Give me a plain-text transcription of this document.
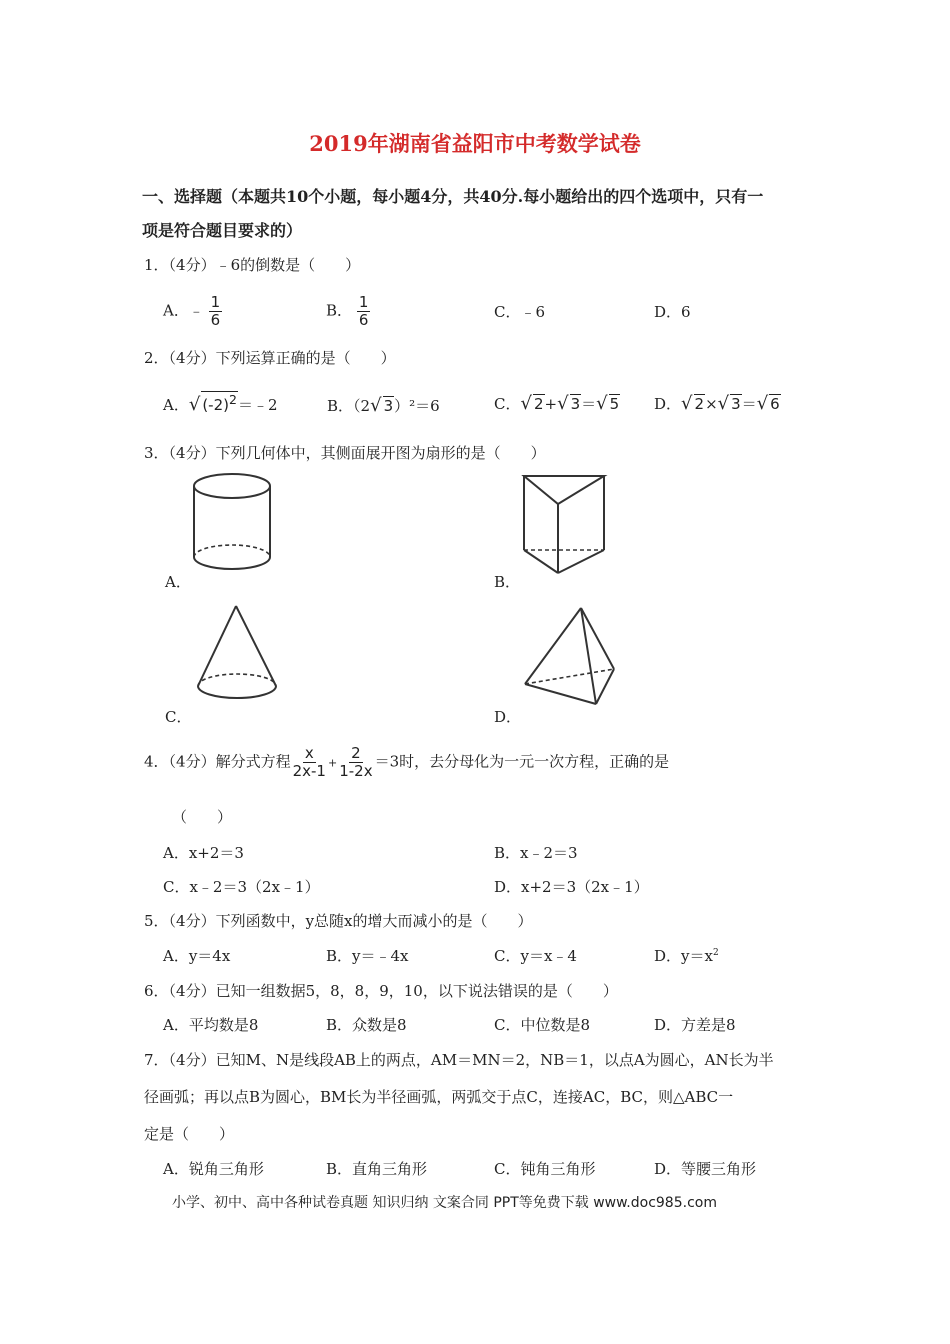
2019年湖南省益阳市中考数学试卷
一、选择题（本题共10个小题，每小题4分，共40分.每小题给出的四个选项中，只有一
项是符合题目要求的）
1．（4分）﹣6的倒数是（　　）
A．﹣ $\frac{1}{6}$	B． $\frac{1}{6}$	C．﹣6	D．6
2．（4分）下列运算正确的是（　　）
A．√ $(-2)^2=﹣2$	B．（2√ 3）²＝6	C．√ 2+√ 3＝√ 5 D．√ 2×√ 3＝√ 6
3．（4分）下列几何体中，其侧面展开图为扇形的是（　　）
A．	B．
C．	D．
4．（4分）解分式方程 $\frac{x}{2x-1} + \frac{2}{1-2x} =3$时，去分母化为一元一次方程，正确的是
（　　）
A．x+2＝3	B．x﹣2＝3
C．x﹣2＝3（2x﹣1）	D．x+2＝3（2x﹣1）
5．（4分）下列函数中，y总随x的增大而减小的是（　　）
A．y＝4x	B．y＝﹣4x	C．y＝x﹣4	D．$y=x^2$
6．（4分）已知一组数据5，8，8，9，10，以下说法错误的是（　　）
A．平均数是8	B．众数是8	C．中位数是8	D．方差是8
7．（4分）已知M、N是线段AB上的两点，AM＝MN＝2，NB＝1，以点A为圆心，AN长为半
径画弧；再以点B为圆心，BM长为半径画弧，两弧交于点C，连接AC，BC，则△ABC一
定是（　　）
A．锐角三角形	B．直角三角形	C．钝角三角形	D．等腰三角形
小学、初中、高中各种试卷真题 知识归纳 文案合同 PPT等免费下载 www.doc985.com
